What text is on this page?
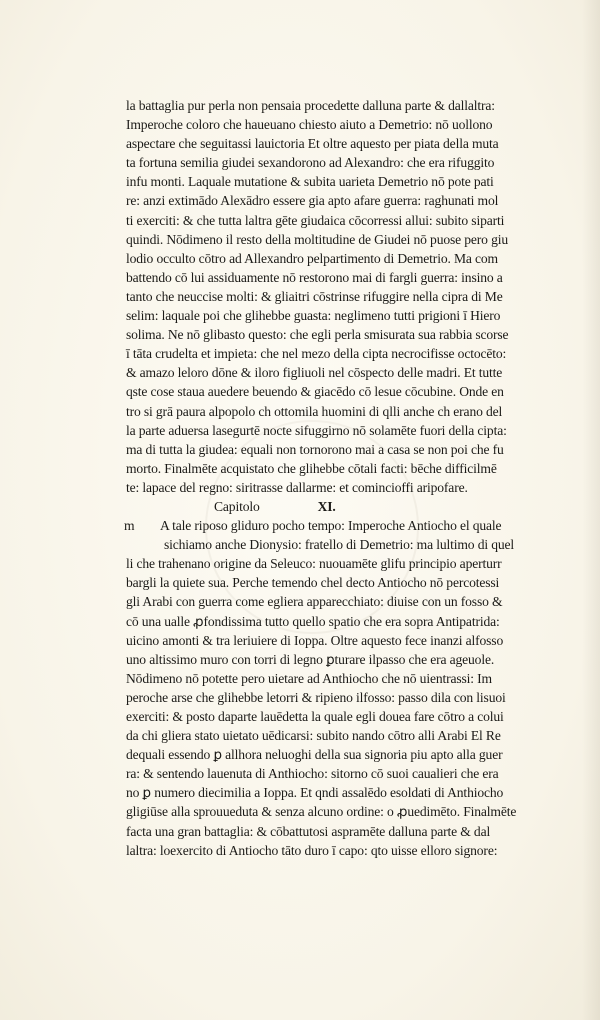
la battaglia pur perla non pensaia procedette dalluna parte & dallaltra:
Imperoche coloro che haueuano chiesto aiuto a Demetrio: nō uollono
aspectare che seguitassi lauictoria Et oltre aquesto per piata della muta
ta fortuna semilia giudei sexandorono ad Alexandro: che era rifuggito
infu monti. Laquale mutatione & subita uarieta Demetrio nō pote pati
re: anzi extimādo Alexādro essere gia apto afare guerra: raghunati mol
ti exerciti: & che tutta laltra gēte giudaica cōcorressi allui: subito siparti
quindi. Nōdimeno il resto della moltitudine de Giudei nō puose pero giu
lodio occulto cōtro ad Allexandro pelpartimento di Demetrio. Ma com
battendo cō lui assiduamente nō restorono mai di fargli guerra: insino a
tanto che neuccise molti: & gliaitri cōstrinse rifuggire nella cipra di Me
selim: laquale poi che glihebbe guasta: neglimeno tutti prigioni ī Hiero
solima. Ne nō glibasto questo: che egli perla smisurata sua rabbia scorse
ī tāta crudelta et impieta: che nel mezo della cipta necrocifisse octocēto:
& amazo leloro dōne & iloro figliuoli nel cōspecto delle madri. Et tutte
qste cose staua auedere beuendo & giacēdo cō lesue cōcubine. Onde en
tro si grā paura alpopolo ch ottomila huomini di qlli anche ch erano del
la parte aduersa lasegurtē nocte sifuggirno nō solamēte fuori della cipta:
ma di tutta la giudea: equali non tornorono mai a casa se non poi che fu
morto. Finalmēte acquistato che glihebbe cōtali facti: bēche difficilmē
te: lapace del regno: siritrasse dallarme: et comincioffi aripofare.
Capitolo	XI.
m A tale riposo gliduro pocho tempo: Imperoche Antiocho el quale
sichiamo anche Dionysio: fratello di Demetrio: ma lultimo di quel
li che trahenano origine da Seleuco: nuouamēte glifu principio aperturr
bargli la quiete sua. Perche temendo chel decto Antiocho nō percotessi
gli Arabi con guerra come egliera apparecchiato: diuise con un fosso &
cō una ualle ꝓfondissima tutto quello spatio che era sopra Antipatrida:
uicino amonti & tra leriuiere di Ioppa. Oltre aquesto fece inanzi alfosso
uno altissimo muro con torri di legno ꝑturare ilpasso che era ageuole.
Nōdimeno nō potette pero uietare ad Anthiocho che nō uientrassi: Im
peroche arse che glihebbe letorri & ripieno ilfosso: passo dila con lisuoi
exerciti: & posto daparte lauēdetta la quale egli douea fare cōtro a colui
da chi gliera stato uietato uēdicarsi: subito nando cōtro alli Arabi El Re
dequali essendo ꝑ allhora neluoghi della sua signoria piu apto alla guer
ra: & sentendo lauenuta di Anthiocho: sitorno cō suoi caualieri che era
no ꝑ numero diecimilia a Ioppa. Et qndi assalēdo esoldati di Anthiocho
gligiūse alla sprouueduta & senza alcuno ordine: o ꝓuedimēto. Finalmēte
facta una gran battaglia: & cōbattutosi aspramēte dalluna parte & dal
laltra: loexercito di Antiocho tāto duro ī capo: qto uisse elloro signore:
